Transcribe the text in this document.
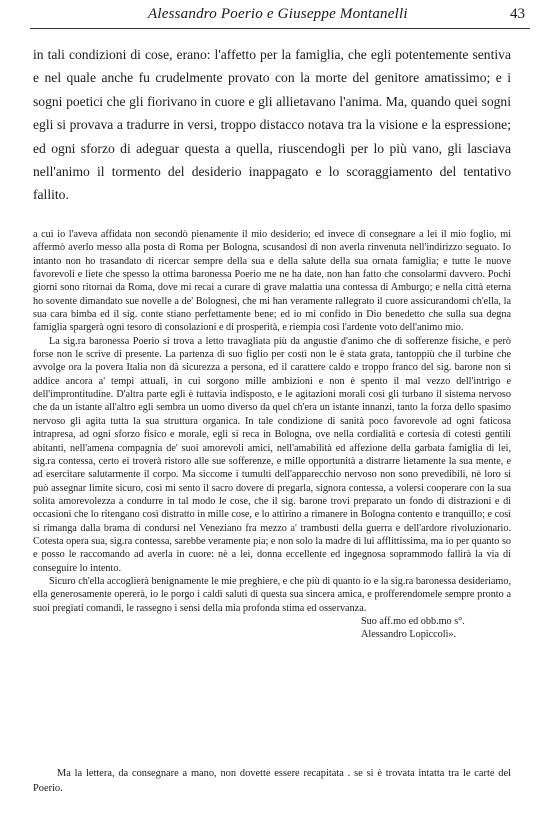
Alessandro Poerio e Giuseppe Montanelli	43

in tali condizioni di cose, erano: l'affetto per la famiglia, che egli potentemente sentiva e nel quale anche fu crudelmente provato con la morte del genitore amatissimo; e i sogni poetici che gli fiorivano in cuore e gli allietavano l'anima. Ma, quando quei sogni egli si provava a tradurre in versi, troppo distacco notava tra la visione e la espressione; ed ogni sforzo di adeguar questa a quella, riuscendogli per lo più vano, gli lasciava nell'animo il tormento del desiderio inappagato e lo scoraggiamento del tentativo fallito.

a cui io l'aveva affidata non secondò pienamente il mio desiderio; ed invece di consegnare a lei il mio foglio, mi affermò averlo messo alla posta di Roma per Bologna, scusandosi di non averla rinvenuta nell'indirizzo seguato. Io intanto non ho trasandato di ricercar sempre della sua e della salute della sua ornata famiglia; e tutte le nuove favorevoli e liete che spesso la ottima baronessa Poerio me ne ha date, non han fatto che consolarmi davvero. Pochi giorni sono ritornai da Roma, dove mi recai a curare di grave malattia una contessa di Amburgo; e nella città eterna ho sovente dimandato sue novelle a de' Bolognesi, che mi han veramente rallegrato il cuore assicurandomi ch'ella, la sua cara bimba ed il sig. conte stiano perfettamente bene; ed io mi confido in Dio benedetto che sulla sua degna famiglia spargerà ogni tesoro di consolazioni e di prosperità, e riempia così l'ardente voto dell'animo mio.

La sig.ra baronessa Poerio si trova a letto travagliata più da angustie d'animo che di sofferenze fisiche, e però forse non le scrive di presente. La partenza di suo figlio per costì non le è stata grata, tantoppiù che il turbine che avvolge ora la povera Italia non dà sicurezza a persona, ed il carattere caldo e troppo franco del sig. barone non si addice ancora a' tempi attuali, in cui sorgono mille ambizioni e non è spento il mal vezzo dell'intrigo e dell'improntitudine. D'altra parte egli è tuttavia indisposto, e le agitazioni morali così gli turbano il sistema nervoso che da un istante all'altro egli sembra un uomo diverso da quel ch'era un istante innanzi, tanto la forza dello spasimo nervoso gli agita tutta la sua struttura organica. In tale condizione di sanità poco favorevole ad ogni faticosa intrapresa, ad ogni sforzo fisico e morale, egli si reca in Bologna, ove nella cordialità e cortesia di cotesti gentili abitanti, nell'amena compagnia de' suoi amorevoli amici, nell'amabilità ed affezione della garbata famiglia di lei, sig.ra contessa, certo ei troverà ristoro alle sue sofferenze, e mille opportunità a distrarre lietamente la sua mente, e ad esercitare salutarmente il corpo. Ma siccome i tumulti dell'apparecchio nervoso non sono prevedibili, nè loro si può assegnar limite sicuro, così mi sento il sacro dovere di pregarla, signora contessa, a volersi cooperare con la sua solita amorevolezza a condurre in tal modo le cose, che il sig. barone trovi preparato un fondo di distrazioni e di occasioni che lo ritengano così distratto in mille cose, e lo attirino a rimanere in Bologna contento e tranquillo; e così si rimanga dalla brama di condursi nel Veneziano fra mezzo a' trambusti della guerra e dell'ardore rivoluzionario. Cotesta opera sua, sig.ra contessa, sarebbe veramente pia; e non solo la madre di lui afflittissima, ma io per quanto so e posso le raccomando ad averla in cuore: nè a lei, donna eccellente ed ingegnosa soprammodo fallirà la via di conseguire lo intento.

Sicuro ch'ella accoglierà benignamente le mie preghiere, e che più di quanto io e la sig.ra baronessa desideriamo, ella generosamente opererà, io le porgo i caldi saluti di questa sua sincera amica, e profferendomele sempre pronto a suoi pregiati comandi, le rassegno i sensi della mia profonda stima ed osservanza.

Suo aff.mo ed obb.mo s°.
Alessandro Lopiccoli».

Ma la lettera, da consegnare a mano, non dovette essere recapitata . se si è trovata intatta tra le carte del Poerio.
